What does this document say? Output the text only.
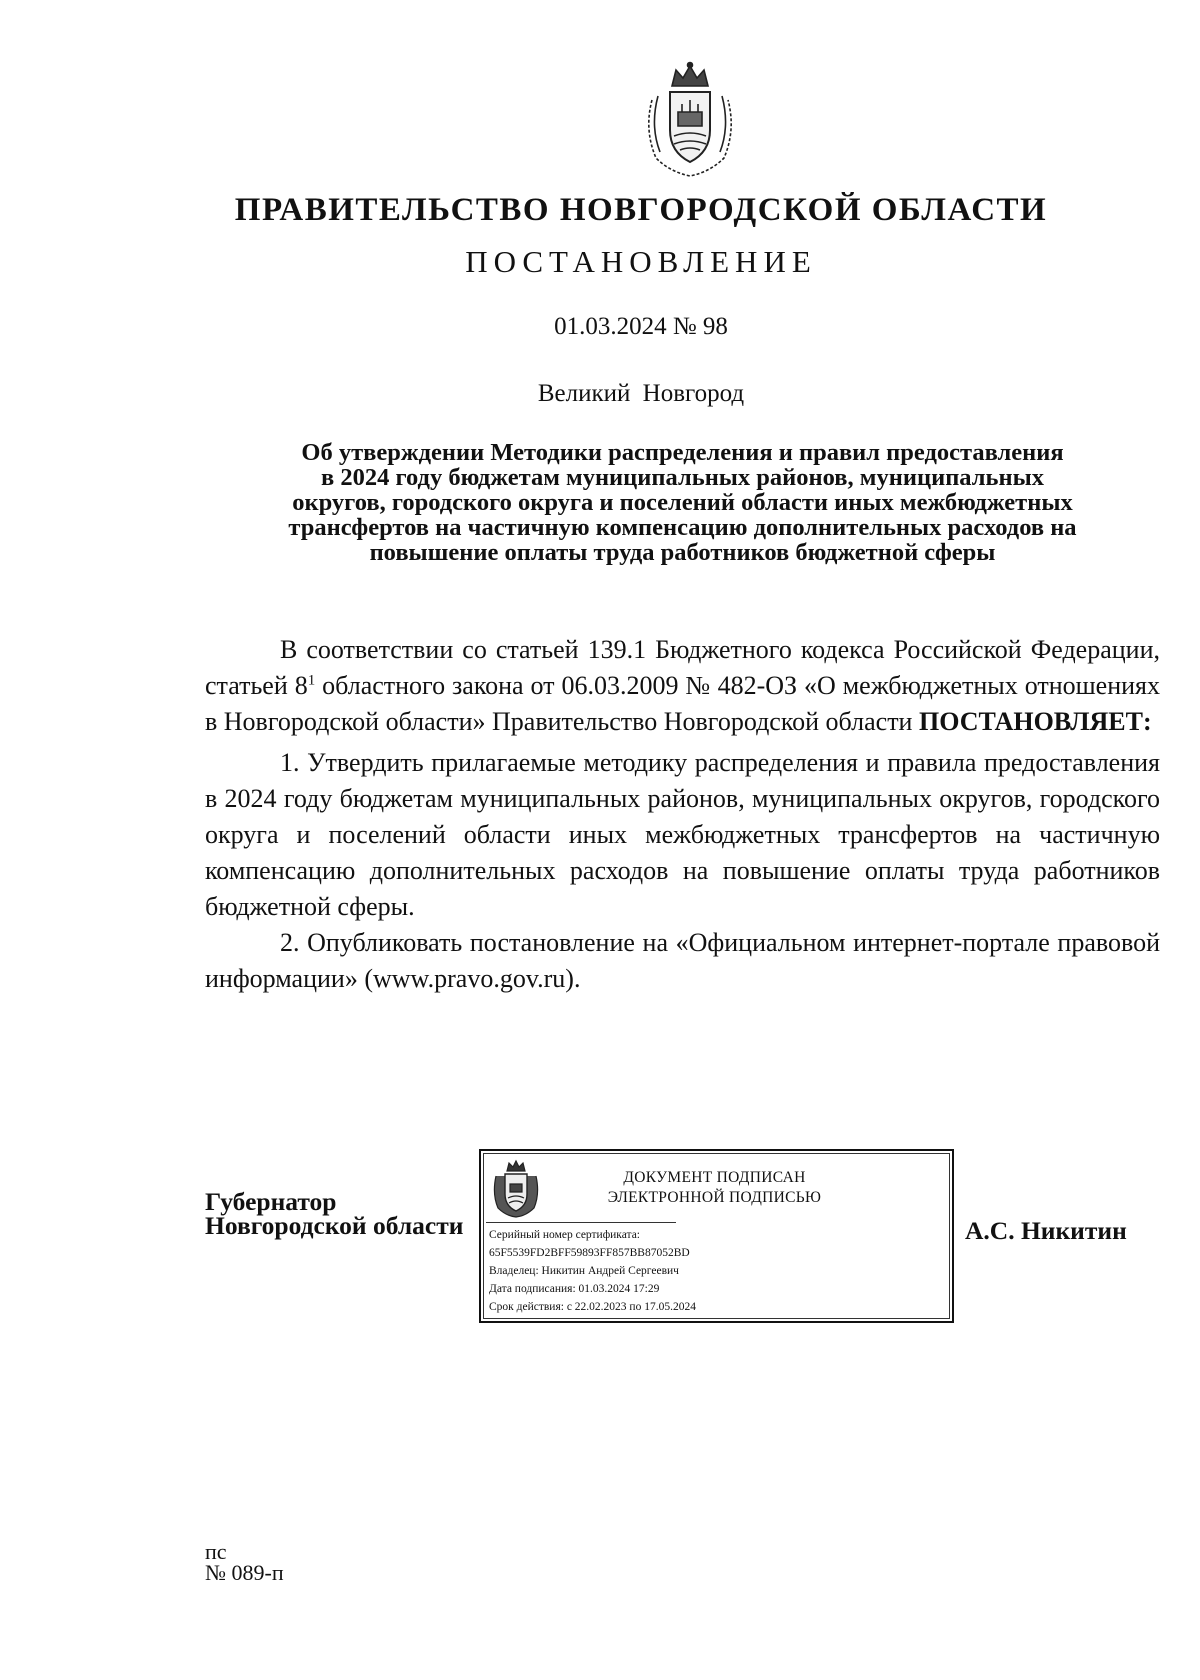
ПРАВИТЕЛЬСТВО НОВГОРОДСКОЙ ОБЛАСТИ
ПОСТАНОВЛЕНИЕ
01.03.2024 № 98
Великий Новгород
Об утверждении Методики распределения и правил предоставления
в 2024 году бюджетам муниципальных районов, муниципальных
округов, городского округа и поселений области иных межбюджетных
трансфертов на частичную компенсацию дополнительных расходов на
повышение оплаты труда работников бюджетной сферы

В соответствии со статьей 139.1 Бюджетного кодекса Российской Федерации, статьей $8^1$ областного закона от 06.03.2009 № 482-ОЗ «О межбюджетных отношениях в Новгородской области» Правительство Новгородской области ПОСТАНОВЛЯЕТ:

1. Утвердить прилагаемые методику распределения и правила предоставления в 2024 году бюджетам муниципальных районов, муниципальных округов, городского округа и поселений области иных межбюджетных трансфертов на частичную компенсацию дополнительных расходов на повышение оплаты труда работников бюджетной сферы.

2. Опубликовать постановление на «Официальном интернет-портале правовой информации» (www.pravo.gov.ru).

Губернатор
Новгородской области
ДОКУМЕНТ ПОДПИСАН
ЭЛЕКТРОННОЙ ПОДПИСЬЮ
Серийный номер сертификата:
65F5539FD2BFF59893FF857BB87052BD
Владелец: Никитин Андрей Сергеевич
Дата подписания: 01.03.2024 17:29
Срок действия: с 22.02.2023 по 17.05.2024
А.С. Никитин
пс
№ 089-п
